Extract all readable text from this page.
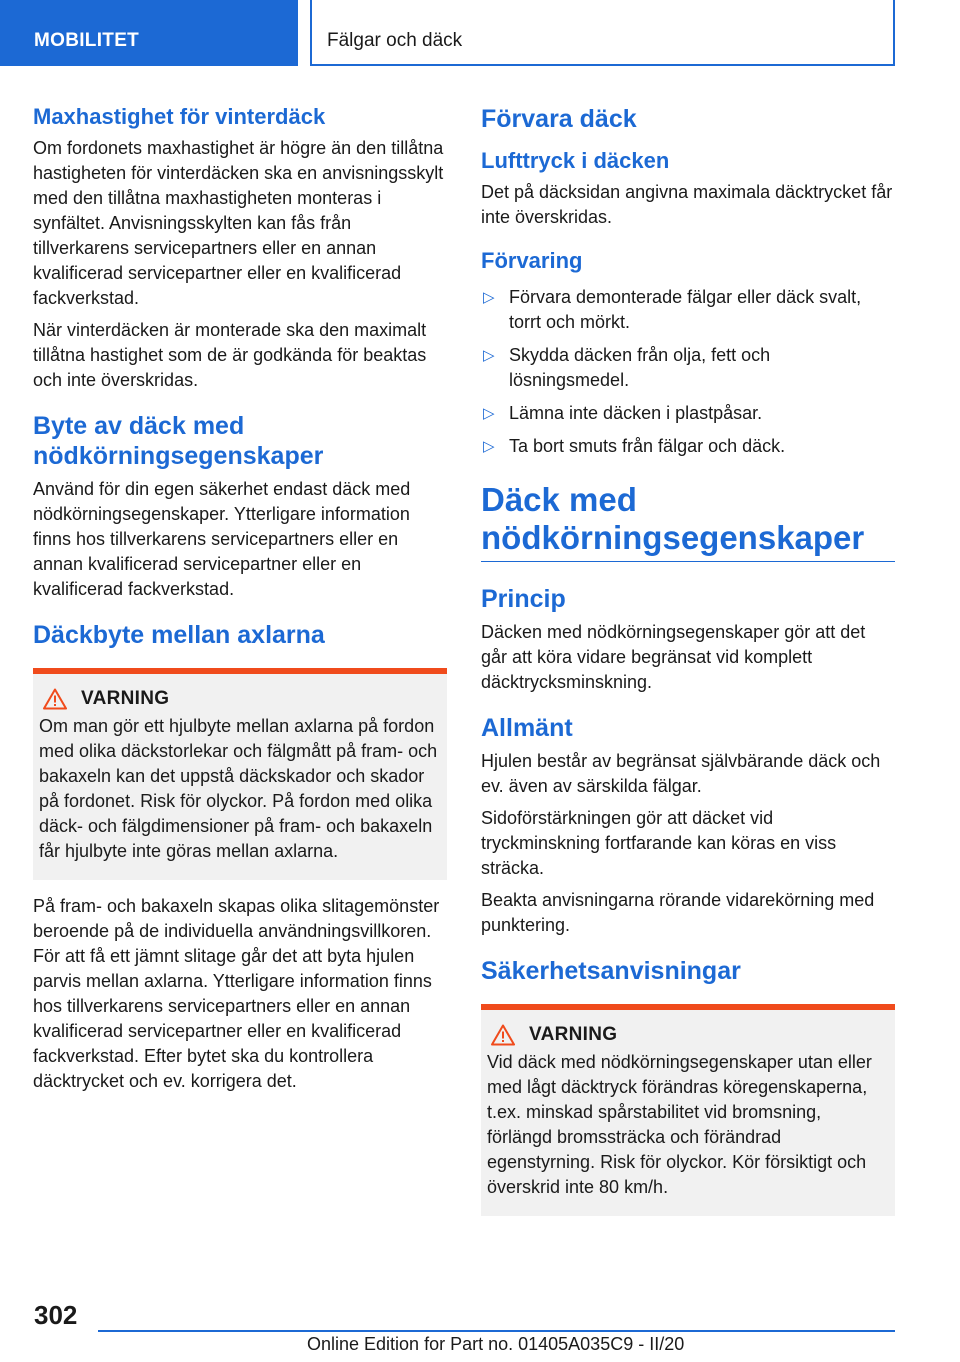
MOBILITET	Fälgar och däck
Maxhastighet för vinterdäck

Om fordonets maxhastighet är högre än den tillåtna hastigheten för vinterdäcken ska en anvisningsskylt med den tillåtna maxhastigheten monteras i synfältet. Anvisningsskylten kan fås från tillverkarens servicepartners eller en annan kvalificerad servicepartner eller en kvalificerad fackverkstad.

När vinterdäcken är monterade ska den maximalt tillåtna hastighet som de är godkända för beaktas och inte överskridas.

Byte av däck med nödkörningsegenskaper

Använd för din egen säkerhet endast däck med nödkörningsegenskaper. Ytterligare information finns hos tillverkarens servicepartners eller en annan kvalificerad servicepartner eller en kvalificerad fackverkstad.

Däckbyte mellan axlarna
VARNING

Om man gör ett hjulbyte mellan axlarna på fordon med olika däckstorlekar och fälgmått på fram- och bakaxeln kan det uppstå däckskador och skador på fordonet. Risk för olyckor. På fordon med olika däck- och fälgdimensioner på fram- och bakaxeln får hjulbyte inte göras mellan axlarna.

På fram- och bakaxeln skapas olika slitagemönster beroende på de individuella användningsvillkoren. För att få ett jämnt slitage går det att byta hjulen parvis mellan axlarna. Ytterligare information finns hos tillverkarens servicepartners eller en annan kvalificerad servicepartner eller en kvalificerad fackverkstad. Efter bytet ska du kontrollera däcktrycket och ev. korrigera det.

Förvara däck
Lufttryck i däcken

Det på däcksidan angivna maximala däcktrycket får inte överskridas.

Förvaring
▷ Förvara demonterade fälgar eller däck svalt, torrt och mörkt.
▷ Skydda däcken från olja, fett och lösningsmedel.
▷ Lämna inte däcken i plastpåsar.
▷ Ta bort smuts från fälgar och däck.
Däck med nödkörningsegenskaper
Princip

Däcken med nödkörningsegenskaper gör att det går att köra vidare begränsat vid komplett däcktrycksminskning.

Allmänt

Hjulen består av begränsat självbärande däck och ev. även av särskilda fälgar.

Sidoförstärkningen gör att däcket vid tryckminskning fortfarande kan köras en viss sträcka.

Beakta anvisningarna rörande vidarekörning med punktering.

Säkerhetsanvisningar
VARNING

Vid däck med nödkörningsegenskaper utan eller med lågt däcktryck förändras köregenskaperna, t.ex. minskad spårstabilitet vid bromsning, förlängd bromssträcka och förändrad egenstyrning. Risk för olyckor. Kör försiktigt och överskrid inte 80 km/h.

302
Online Edition for Part no. 01405A035C9 - II/20
